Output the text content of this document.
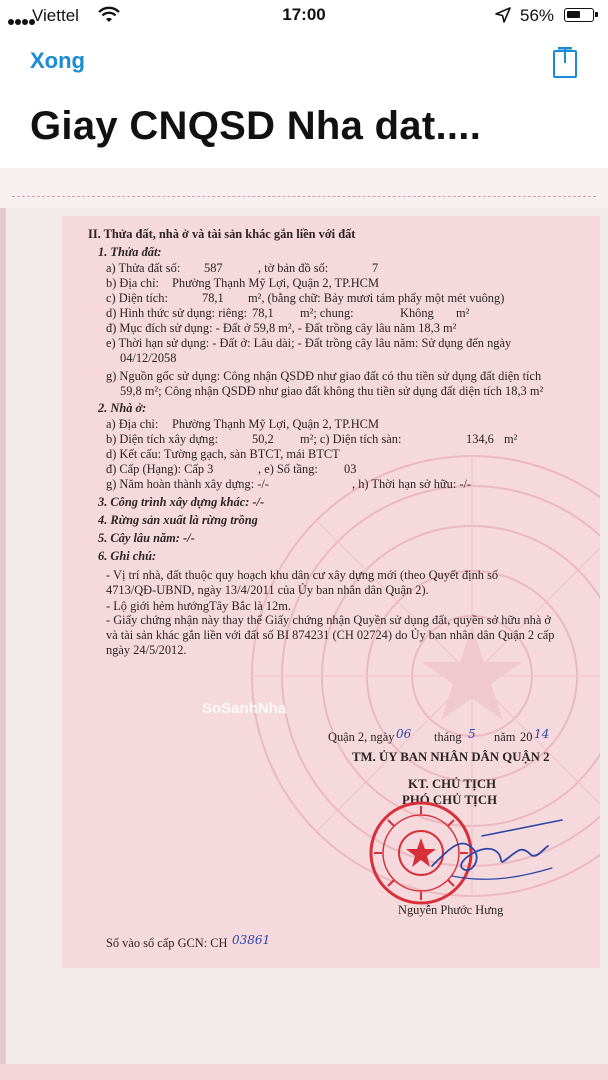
Viettel	17:00	56%
Xong
Giay CNQSD Nha dat....
II. Thửa đất, nhà ở và tài sản khác gắn liền với đất
1. Thửa đất:
a) Thửa đất số: 587	, tờ bản đồ số:	7
b) Địa chỉ: Phường Thạnh Mỹ Lợi, Quận 2, TP.HCM
c) Diện tích:	78,1 m², (bằng chữ: Bảy mươi tám phẩy một mét vuông)
d) Hình thức sử dụng: riêng: 78,1 m²; chung:	Không m²
đ) Mục đích sử dụng: - Đất ở 59,8 m², - Đất trồng cây lâu năm 18,3 m²
e) Thời hạn sử dụng: - Đất ở: Lâu dài; - Đất trồng cây lâu năm: Sử dụng đến ngày
04/12/2058
g) Nguồn gốc sử dụng: Công nhận QSDĐ như giao đất có thu tiền sử dụng đất diện tích
59,8 m²; Công nhận QSDĐ như giao đất không thu tiền sử dụng đất diện tích 18,3 m²
2. Nhà ở:
a) Địa chỉ: Phường Thạnh Mỹ Lợi, Quận 2, TP.HCM
b) Diện tích xây dựng:	50,2 m²; c) Diện tích sàn:	134,6 m²
d) Kết cấu: Tường gạch, sàn BTCT, mái BTCT
đ) Cấp (Hạng): Cấp 3	, e) Số tầng: 03
g) Năm hoàn thành xây dựng: -/-	, h) Thời hạn sở hữu: -/-
3. Công trình xây dựng khác: -/-
4. Rừng sản xuất là rừng trồng
5. Cây lâu năm: -/-
6. Ghi chú:
- Vị trí nhà, đất thuộc quy hoạch khu dân cư xây dựng mới (theo Quyết định số
4713/QĐ-UBND, ngày 13/4/2011 của Ủy ban nhân dân Quận 2).
- Lộ giới hẻm hướngTây Bắc là 12m.
- Giấy chứng nhận này thay thế Giấy chứng nhận Quyền sử dụng đất, quyền sở hữu nhà ở
và tài sản khác gắn liền với đất số BI 874231 (CH 02724) do Ủy ban nhân dân Quận 2 cấp
ngày 24/5/2012.
SoSanhNha
Quận 2, ngày 06 tháng 5 năm 20 14
TM. ỦY BAN NHÂN DÂN QUẬN 2
KT. CHỦ TỊCH
PHÓ CHỦ TỊCH
Nguyễn Phước Hưng
Số vào sổ cấp GCN: CH 03861
